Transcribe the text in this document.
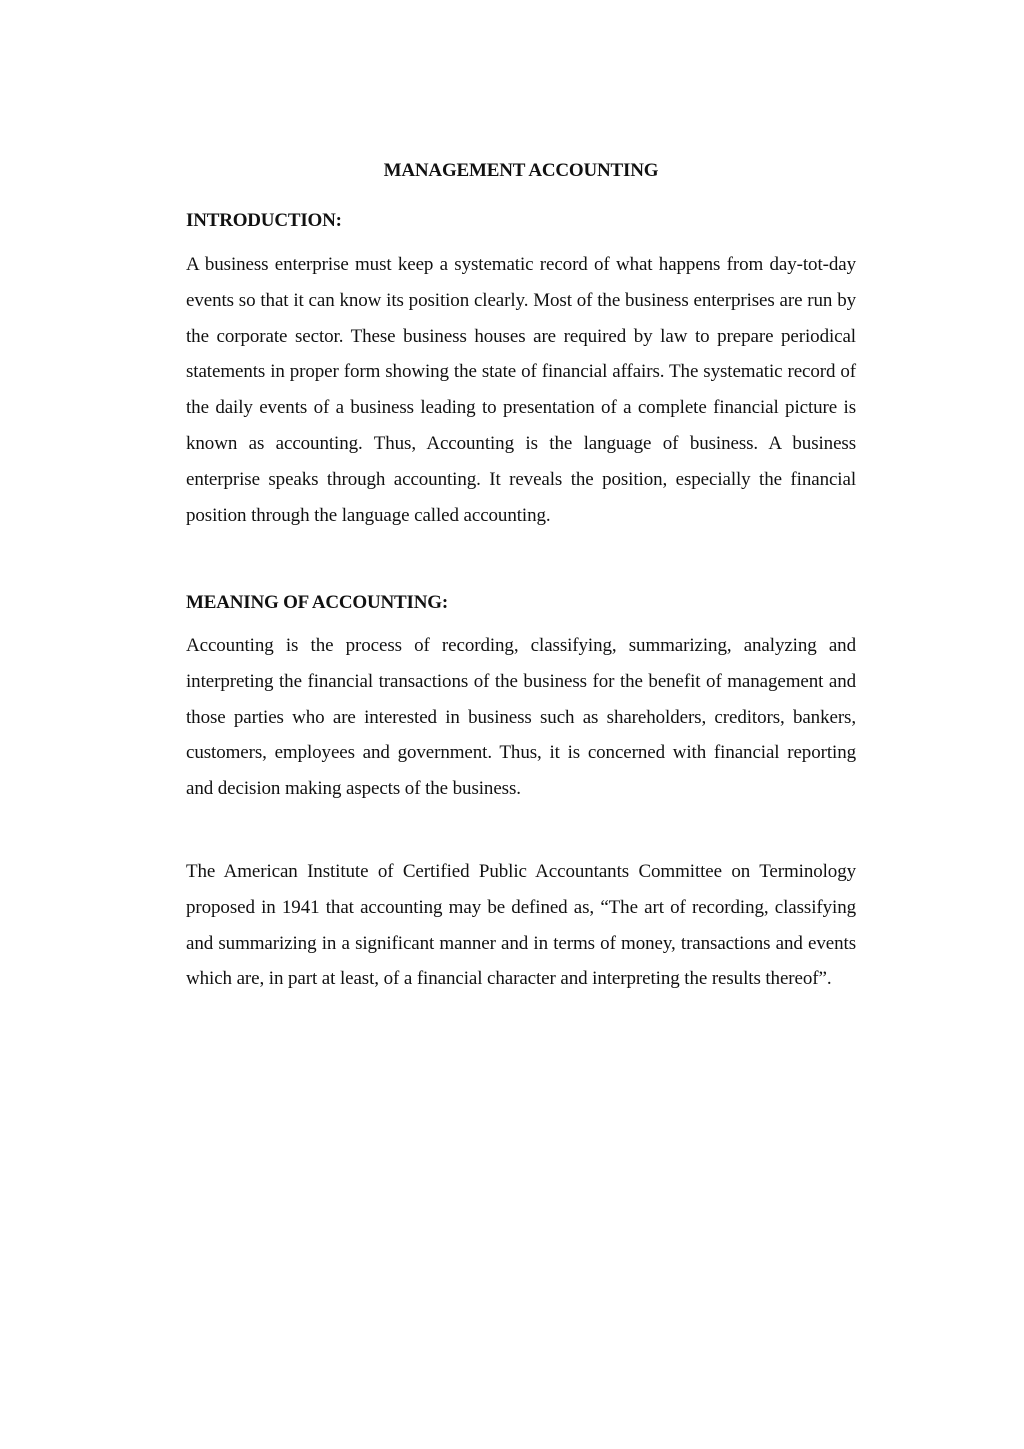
MANAGEMENT ACCOUNTING
INTRODUCTION:

A business enterprise must keep a systematic record of what happens from day-tot-day events so that it can know its position clearly. Most of the business enterprises are run by the corporate sector. These business houses are required by law to prepare periodical statements in proper form showing the state of financial affairs. The systematic record of the daily events of a business leading to presentation of a complete financial picture is known as accounting. Thus, Accounting is the language of business. A business enterprise speaks through accounting. It reveals the position, especially the financial position through the language called accounting.

MEANING OF ACCOUNTING:

Accounting is the process of recording, classifying, summarizing, analyzing and interpreting the financial transactions of the business for the benefit of management and those parties who are interested in business such as shareholders, creditors, bankers, customers, employees and government. Thus, it is concerned with financial reporting and decision making aspects of the business.

The American Institute of Certified Public Accountants Committee on Terminology proposed in 1941 that accounting may be defined as, “The art of recording, classifying and summarizing in a significant manner and in terms of money, transactions and events which are, in part at least, of a financial character and interpreting the results thereof”.
